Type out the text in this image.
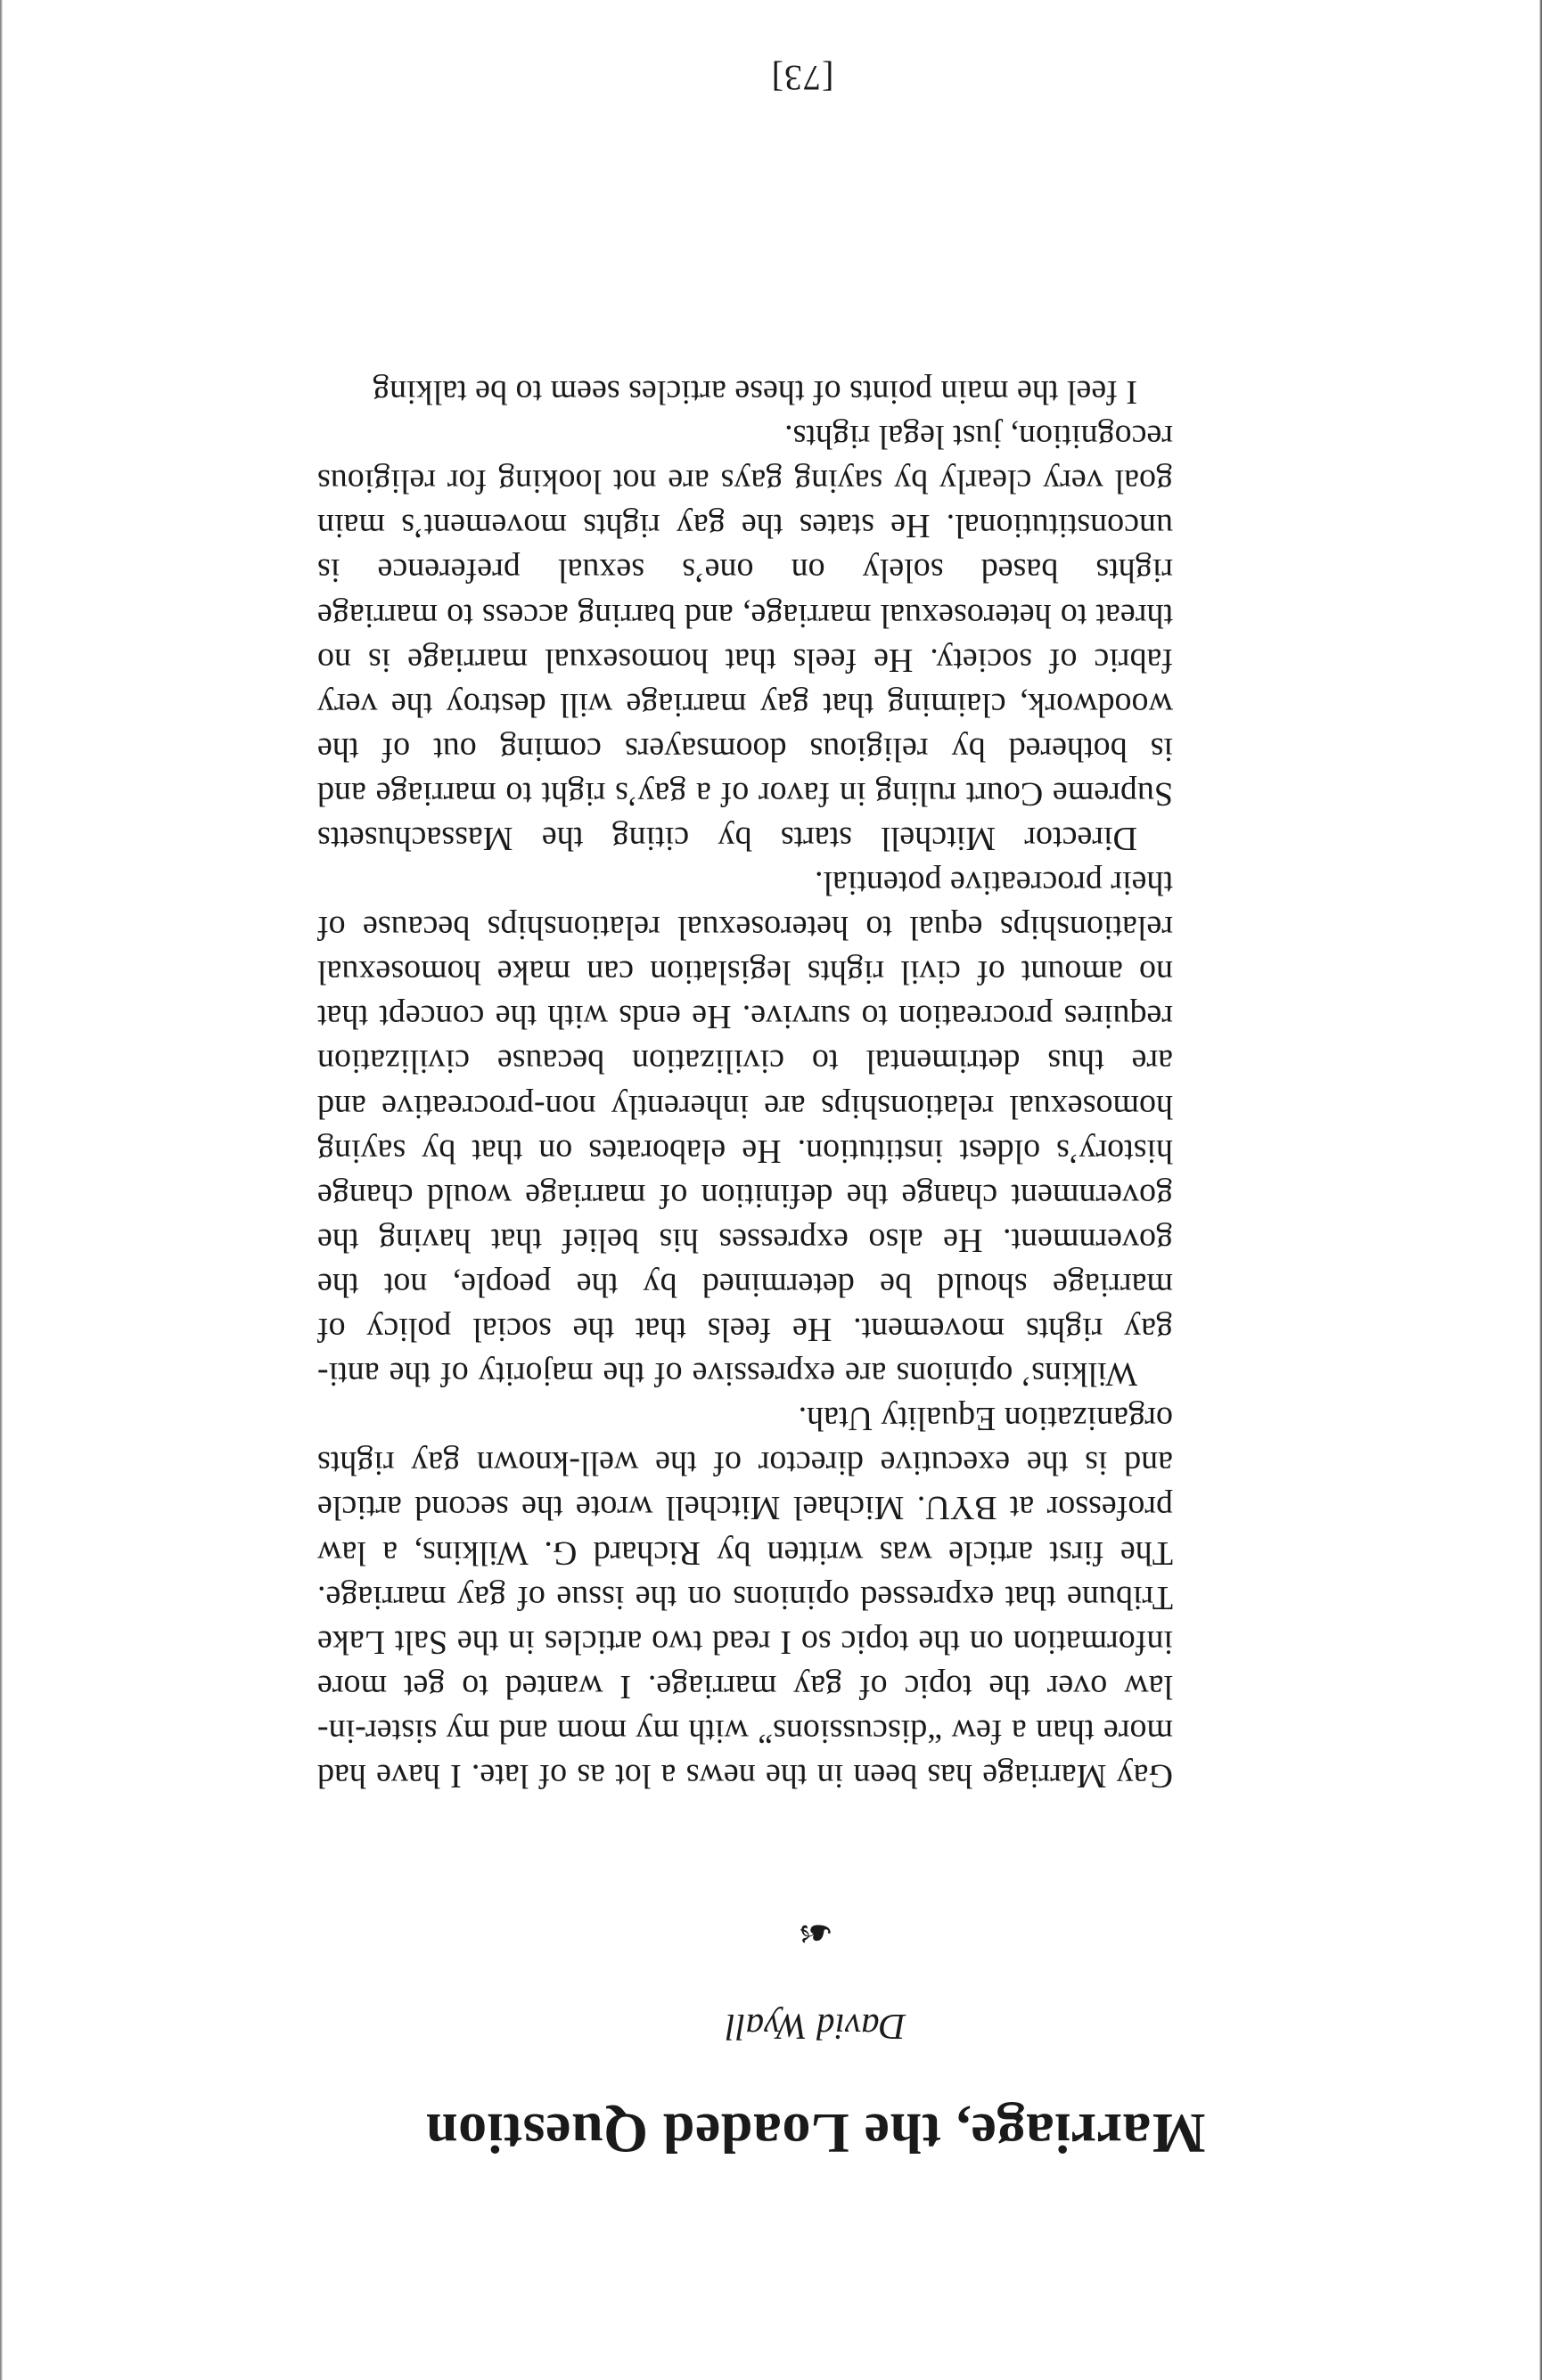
Marriage, the Loaded Question
David Wyall
☙

Gay Marriage has been in the news a lot as of late. I have had more than a few “discussions” with my mom and my sister-in-law over the topic of gay marriage. I wanted to get more information on the topic so I read two articles in the Salt Lake Tribune that expressed opinions on the issue of gay marriage. The first article was written by Richard G. Wilkins, a law professor at BYU. Michael Mitchell wrote the second article and is the executive director of the well-known gay rights organization Equality Utah.

Wilkins’ opinions are expressive of the majority of the anti-gay rights movement. He feels that the social policy of marriage should be determined by the people, not the government. He also expresses his belief that having the government change the definition of marriage would change history’s oldest institution. He elaborates on that by saying homosexual relationships are inherently non-procreative and are thus detrimental to civilization because civilization requires procreation to survive. He ends with the concept that no amount of civil rights legislation can make homosexual relationships equal to heterosexual relationships because of their procreative potential.

Director Mitchell starts by citing the Massachusetts Supreme Court ruling in favor of a gay’s right to marriage and is bothered by religious doomsayers coming out of the woodwork, claiming that gay marriage will destroy the very fabric of society. He feels that homosexual marriage is no threat to heterosexual marriage, and barring access to marriage rights based solely on one’s sexual preference is unconstitutional. He states the gay rights movement’s main goal very clearly by saying gays are not looking for religious recognition, just legal rights.

I feel the main points of these articles seem to be talking

[73]
